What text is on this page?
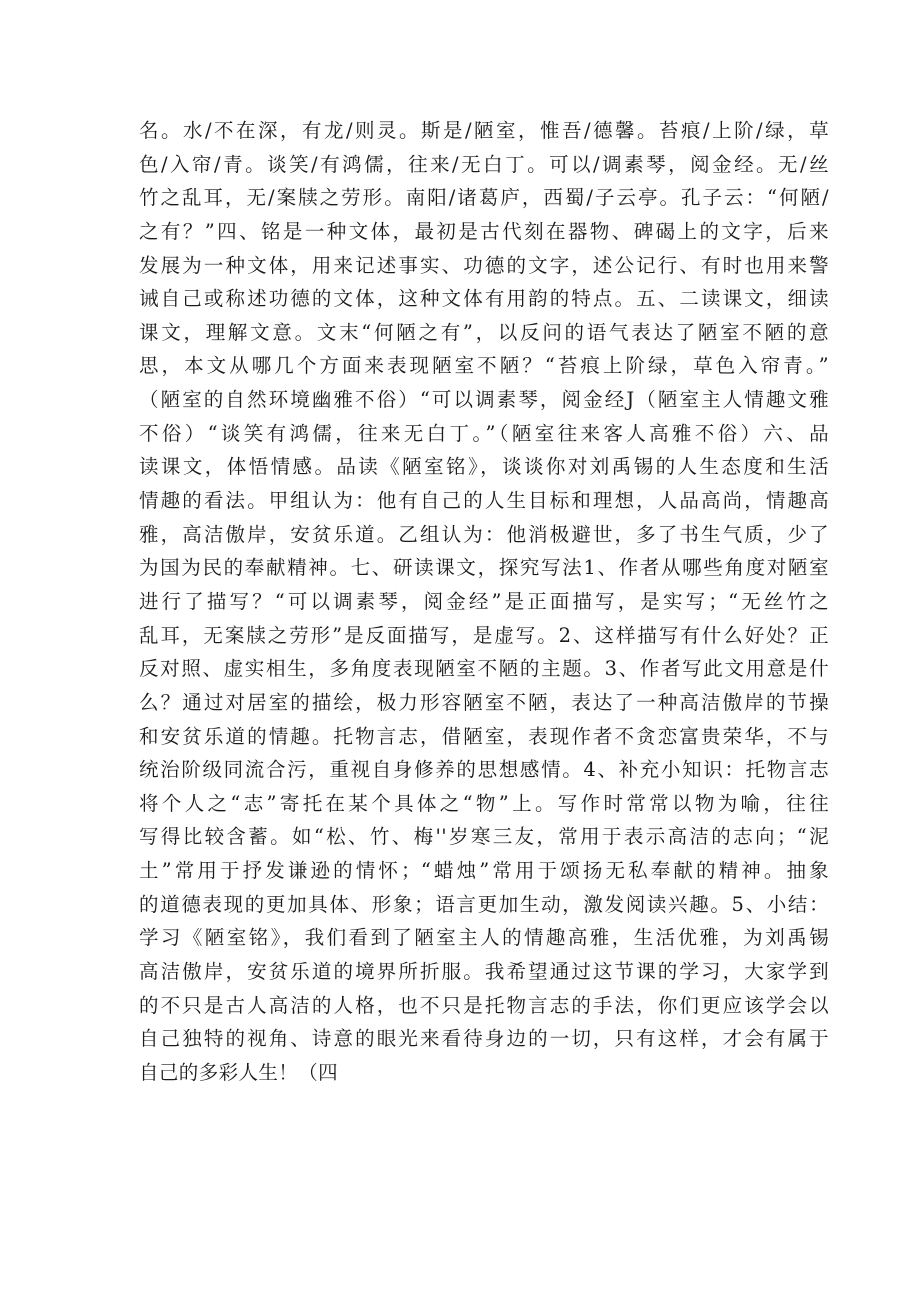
名。水/不在深，有龙/则灵。斯是/陋室，惟吾/德馨。苔痕/上阶/绿，草
色/入帘/青。谈笑/有鸿儒，往来/无白丁。可以/调素琴，阅金经。无/丝
竹之乱耳，无/案牍之劳形。南阳/诸葛庐，西蜀/子云亭。孔子云：“何陋/
之有？”四、铭是一种文体，最初是古代刻在器物、碑碣上的文字，后来
发展为一种文体，用来记述事实、功德的文字，述公记行、有时也用来警
诫自己或称述功德的文体，这种文体有用韵的特点。五、二读课文，细读
课文，理解文意。文末“何陋之有”，以反问的语气表达了陋室不陋的意
思，本文从哪几个方面来表现陋室不陋？“苔痕上阶绿，草色入帘青。”
（陋室的自然环境幽雅不俗）“可以调素琴，阅金经J（陋室主人情趣文雅
不俗）“谈笑有鸿儒，往来无白丁。”（陋室往来客人高雅不俗）六、品
读课文，体悟情感。品读《陋室铭》，谈谈你对刘禹锡的人生态度和生活
情趣的看法。甲组认为：他有自己的人生目标和理想，人品高尚，情趣高
雅，高洁傲岸，安贫乐道。乙组认为：他消极避世，多了书生气质，少了
为国为民的奉献精神。七、研读课文，探究写法1、作者从哪些角度对陋室
进行了描写？“可以调素琴，阅金经”是正面描写，是实写；“无丝竹之
乱耳，无案牍之劳形”是反面描写，是虚写。2、这样描写有什么好处？正
反对照、虚实相生，多角度表现陋室不陋的主题。3、作者写此文用意是什
么？通过对居室的描绘，极力形容陋室不陋，表达了一种高洁傲岸的节操
和安贫乐道的情趣。托物言志，借陋室，表现作者不贪恋富贵荣华，不与
统治阶级同流合污，重视自身修养的思想感情。4、补充小知识：托物言志
将个人之“志”寄托在某个具体之“物”上。写作时常常以物为喻，往往
写得比较含蓄。如“松、竹、梅''岁寒三友，常用于表示高洁的志向；“泥
土”常用于抒发谦逊的情怀；“蜡烛”常用于颂扬无私奉献的精神。抽象
的道德表现的更加具体、形象；语言更加生动，激发阅读兴趣。5、小结：
学习《陋室铭》，我们看到了陋室主人的情趣高雅，生活优雅，为刘禹锡
高洁傲岸，安贫乐道的境界所折服。我希望通过这节课的学习，大家学到
的不只是古人高洁的人格，也不只是托物言志的手法，你们更应该学会以
自己独特的视角、诗意的眼光来看待身边的一切，只有这样，才会有属于
自己的多彩人生！（四
